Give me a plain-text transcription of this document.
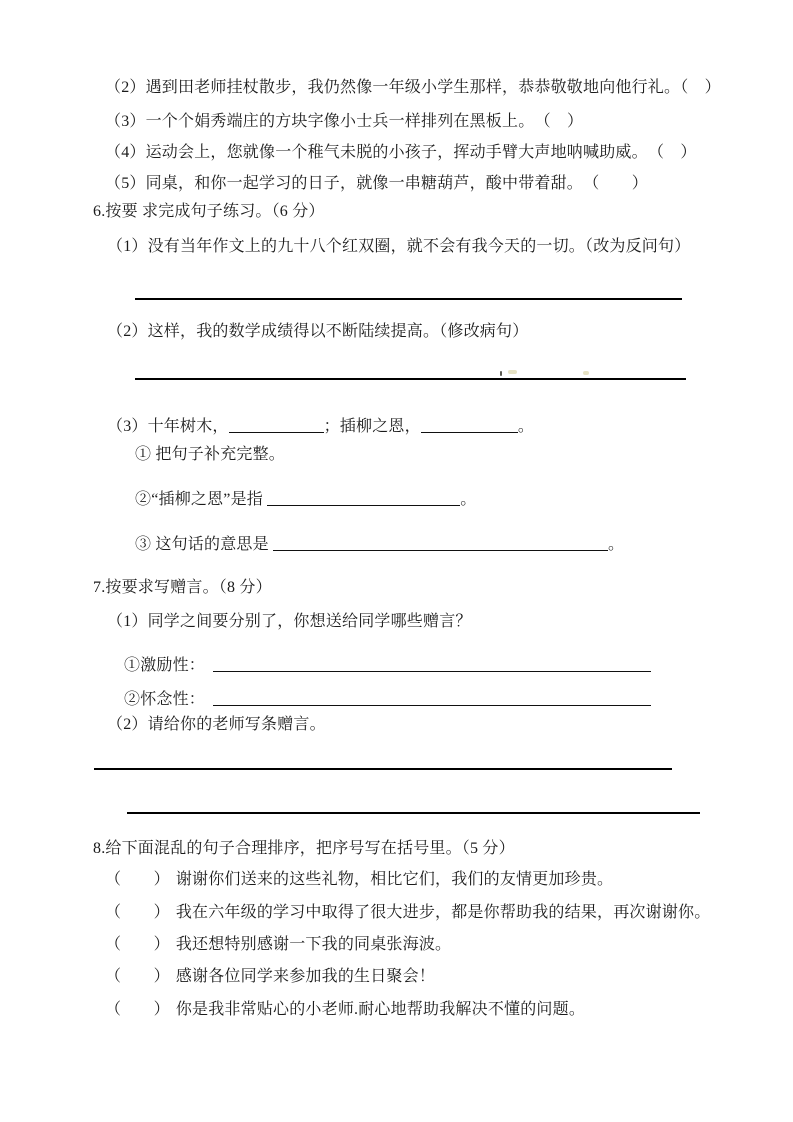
（2）遇到田老师挂杖散步，我仍然像一年级小学生那样，恭恭敬敬地向他行礼。（　）
（3）一个个娟秀端庄的方块字像小士兵一样排列在黑板上。　（　）
（4）运动会上，您就像一个稚气未脱的小孩子，挥动手臂大声地呐喊助威。　（　）
（5）同桌，和你一起学习的日子，就像一串糖葫芦，酸中带着甜。　（　　）
6.按要 求完成句子练习。（6 分）
（1）没有当年作文上的九十八个红双圈，就不会有我今天的一切。（改为反问句）
（2）这样，我的数学成绩得以不断陆续提高。（修改病句）
（3）十年树木，	；插柳之恩，	。
① 把句子补充完整。
②“插柳之恩”是指	。
③ 这句话的意思是	。
7.按要求写赠言。（8 分）
（1）同学之间要分别了，你想送给同学哪些赠言？
①激励性：
②怀念性：
（2）请给你的老师写条赠言。
8.给下面混乱的句子合理排序，把序号写在括号里。（5 分）
（　　） 谢谢你们送来的这些礼物，相比它们，我们的友情更加珍贵。
（　　） 我在六年级的学习中取得了很大进步，都是你帮助我的结果，再次谢谢你。
（　　） 我还想特别感谢一下我的同桌张海波。
（　　） 感谢各位同学来参加我的生日聚会！
（　　） 你是我非常贴心的小老师.耐心地帮助我解决不懂的问题。
